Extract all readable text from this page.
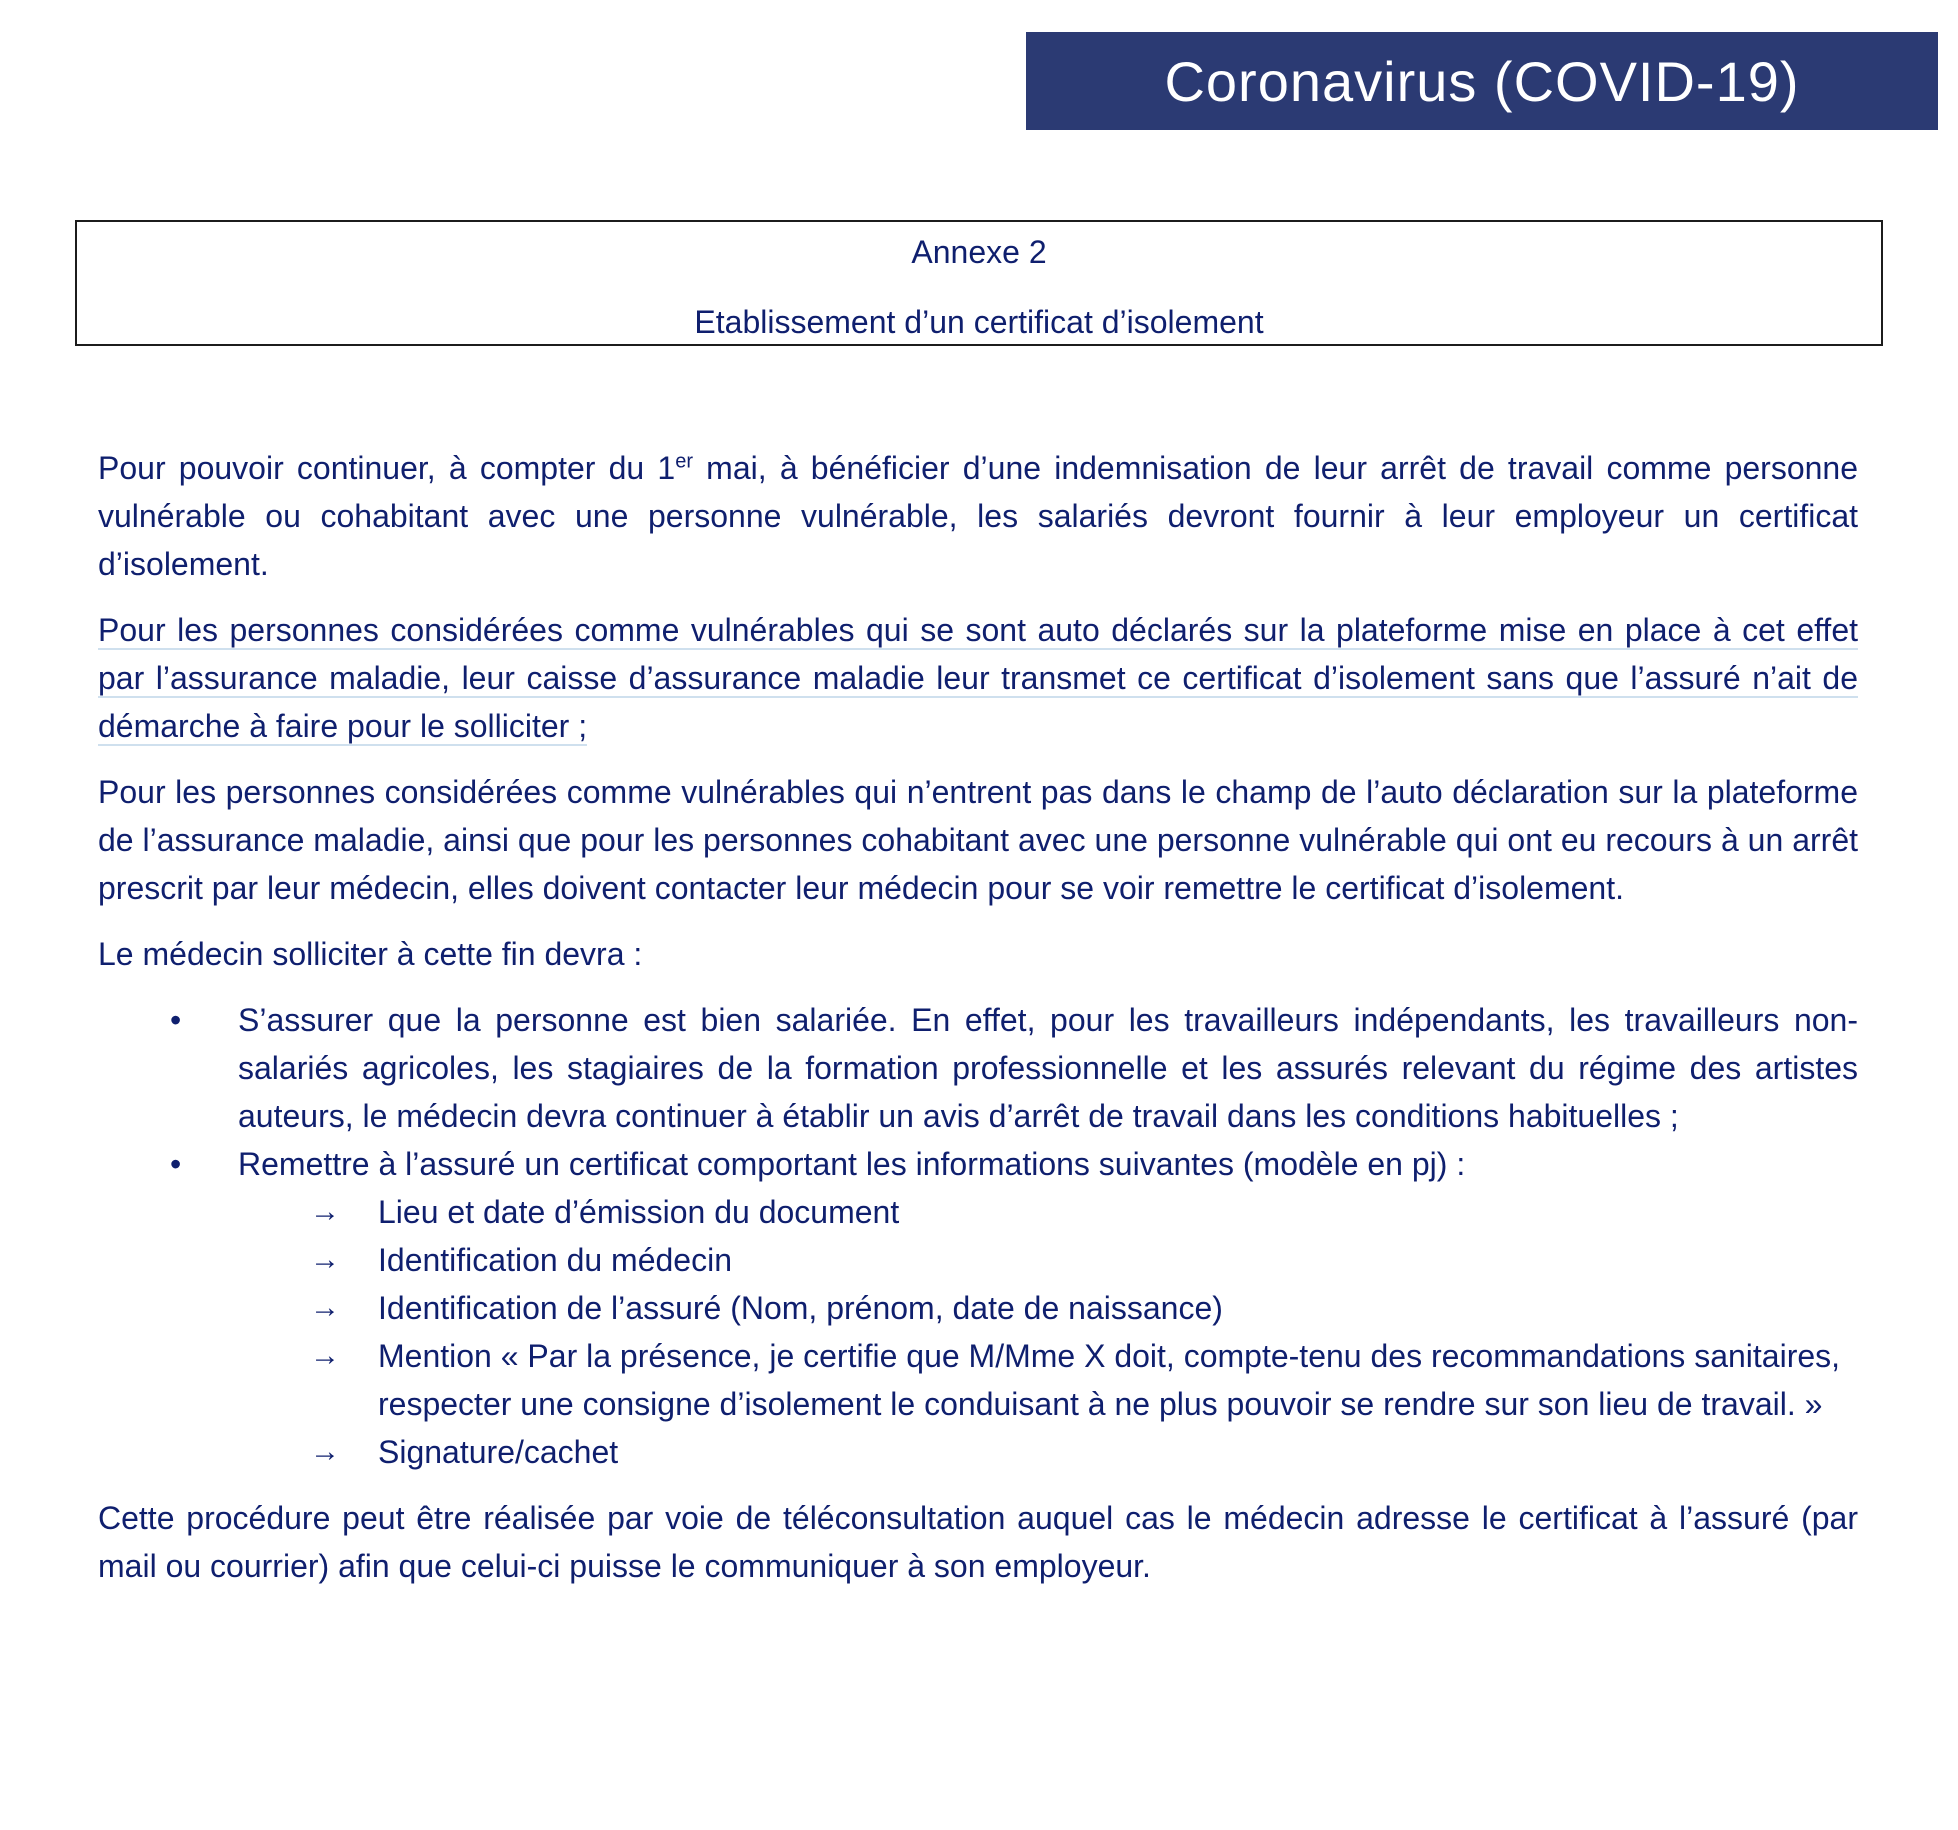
Coronavirus (COVID-19)
Annexe 2
Etablissement d’un certificat d’isolement

Pour pouvoir continuer, à compter du 1er mai, à bénéficier d’une indemnisation de leur arrêt de travail comme personne vulnérable ou cohabitant avec une personne vulnérable, les salariés devront fournir à leur employeur un certificat d’isolement.

Pour les personnes considérées comme vulnérables qui se sont auto déclarés sur la plateforme mise en place à cet effet par l’assurance maladie, leur caisse d’assurance maladie leur transmet ce certificat d’isolement sans que l’assuré n’ait de démarche à faire pour le solliciter ;

Pour les personnes considérées comme vulnérables qui n’entrent pas dans le champ de l’auto déclaration sur la plateforme de l’assurance maladie, ainsi que pour les personnes cohabitant avec une personne vulnérable qui ont eu recours à un arrêt prescrit par leur médecin, elles doivent contacter leur médecin pour se voir remettre le certificat d’isolement.

Le médecin solliciter à cette fin devra :

• S’assurer que la personne est bien salariée. En effet, pour les travailleurs indépendants, les travailleurs non-salariés agricoles, les stagiaires de la formation professionnelle et les assurés relevant du régime des artistes auteurs, le médecin devra continuer à établir un avis d’arrêt de travail dans les conditions habituelles ;
• Remettre à l’assuré un certificat comportant les informations suivantes (modèle en pj) :
→ Lieu et date d’émission du document
→ Identification du médecin
→ Identification de l’assuré (Nom, prénom, date de naissance)
→ Mention « Par la présence, je certifie que M/Mme X doit, compte-tenu des recommandations sanitaires, respecter une consigne d’isolement le conduisant à ne plus pouvoir se rendre sur son lieu de travail. »
→ Signature/cachet

Cette procédure peut être réalisée par voie de téléconsultation auquel cas le médecin adresse le certificat à l’assuré (par mail ou courrier) afin que celui-ci puisse le communiquer à son employeur.
